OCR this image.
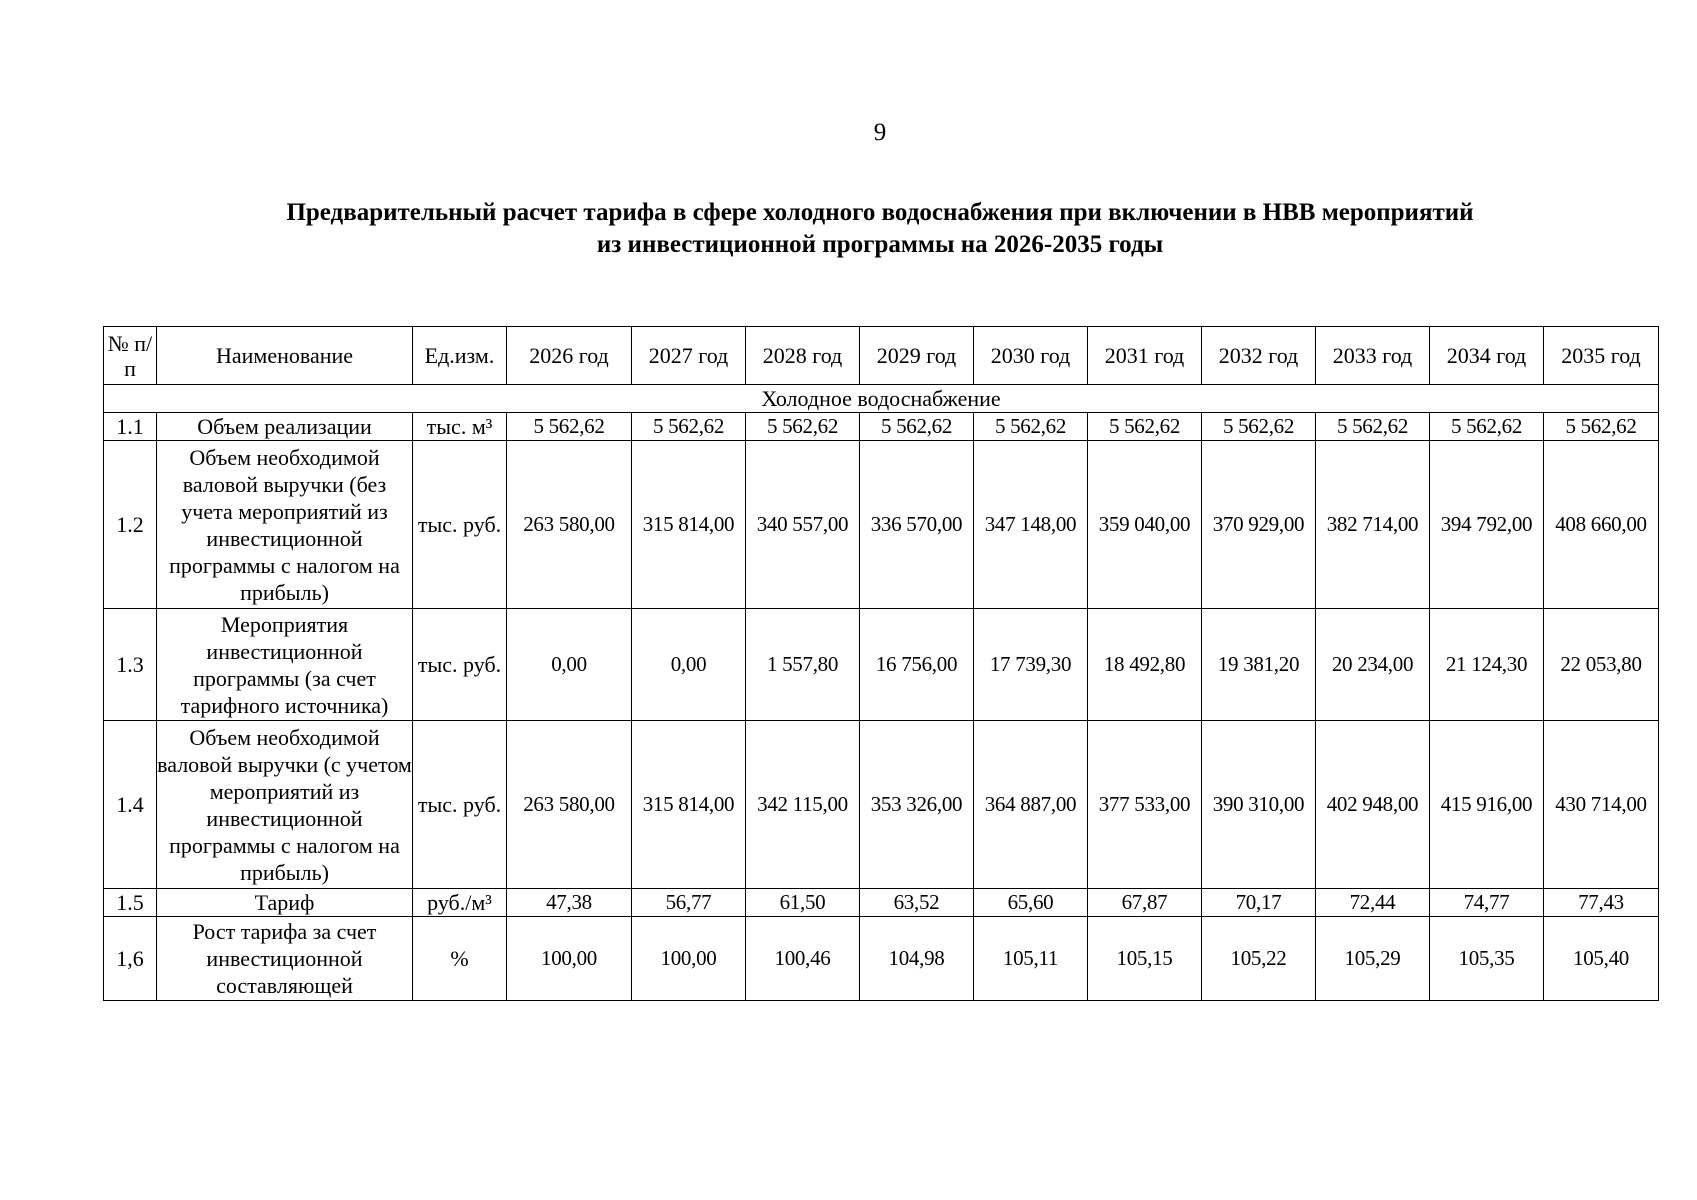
9
Предварительный расчет тарифа в сфере холодного водоснабжения при включении в НВВ мероприятий
из инвестиционной программы на 2026-2035 годы
№ п/п	Наименование	Ед.изм.	2026 год	2027 год	2028 год	2029 год	2030 год	2031 год	2032 год	2033 год	2034 год	2035 год
Холодное водоснабжение												
1.1	Объем реализации	тыс. м³	5 562,62	5 562,62	5 562,62	5 562,62	5 562,62	5 562,62	5 562,62	5 562,62	5 562,62	5 562,62
1.2	Объем необходимой валовой выручки (без учета мероприятий из инвестиционной программы с налогом на прибыль)	тыс. руб.	263 580,00	315 814,00	340 557,00	336 570,00	347 148,00	359 040,00	370 929,00	382 714,00	394 792,00	408 660,00
1.3	Мероприятия инвестиционной программы (за счет тарифного источника)	тыс. руб.	0,00	0,00	1 557,80	16 756,00	17 739,30	18 492,80	19 381,20	20 234,00	21 124,30	22 053,80
1.4	Объем необходимой валовой выручки (с учетом мероприятий из инвестиционной программы с налогом на прибыль)	тыс. руб.	263 580,00	315 814,00	342 115,00	353 326,00	364 887,00	377 533,00	390 310,00	402 948,00	415 916,00	430 714,00
1.5	Тариф	руб./м³	47,38	56,77	61,50	63,52	65,60	67,87	70,17	72,44	74,77	77,43
1,6	Рост тарифа за счет инвестиционной составляющей	%	100,00	100,00	100,46	104,98	105,11	105,15	105,22	105,29	105,35	105,40
